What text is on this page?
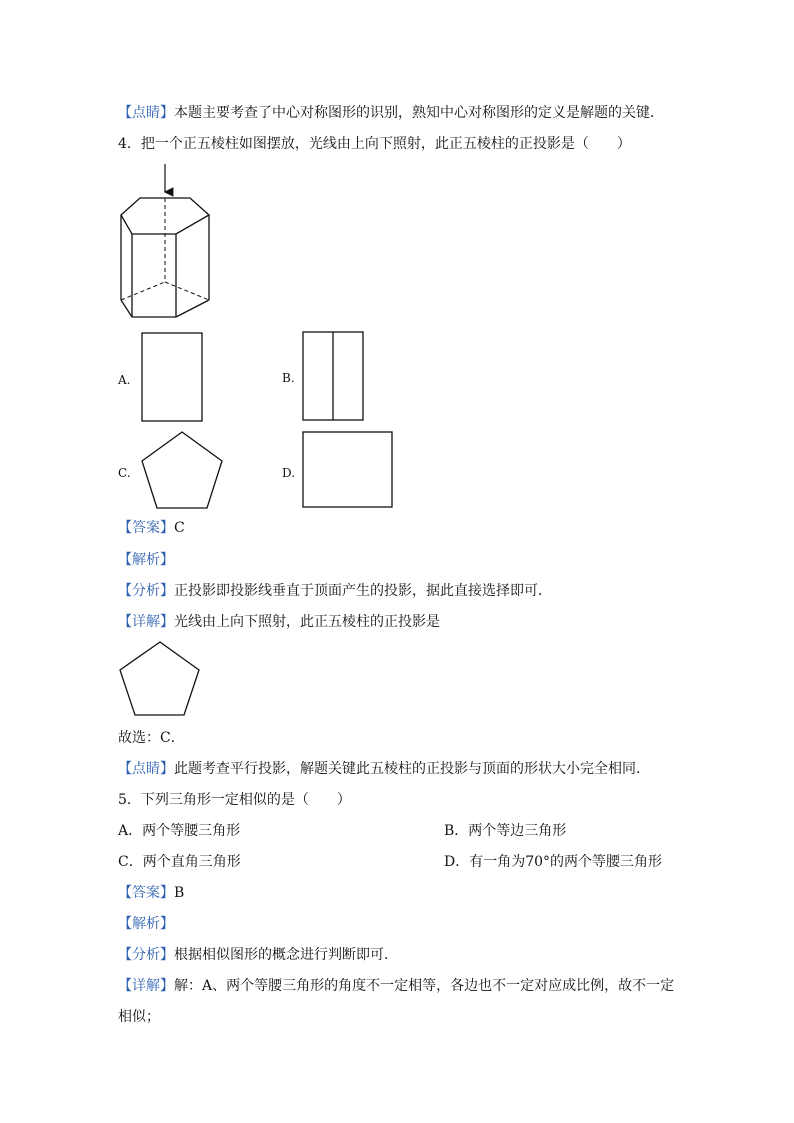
【点睛】本题主要考查了中心对称图形的识别，熟知中心对称图形的定义是解题的关键．
4．把一个正五棱柱如图摆放，光线由上向下照射，此正五棱柱的正投影是（　　）
A.	B.
C.	D.
【答案】C
【解析】
【分析】正投影即投影线垂直于顶面产生的投影，据此直接选择即可．
【详解】光线由上向下照射，此正五棱柱的正投影是
故选：C．
【点睛】此题考查平行投影，解题关键此五棱柱的正投影与顶面的形状大小完全相同．
5．下列三角形一定相似的是（　　）
A．两个等腰三角形	B．两个等边三角形
C．两个直角三角形	D．有一角为70°的两个等腰三角形
【答案】B
【解析】
【分析】根据相似图形的概念进行判断即可．
【详解】解：A、两个等腰三角形的角度不一定相等，各边也不一定对应成比例，故不一定
相似；
